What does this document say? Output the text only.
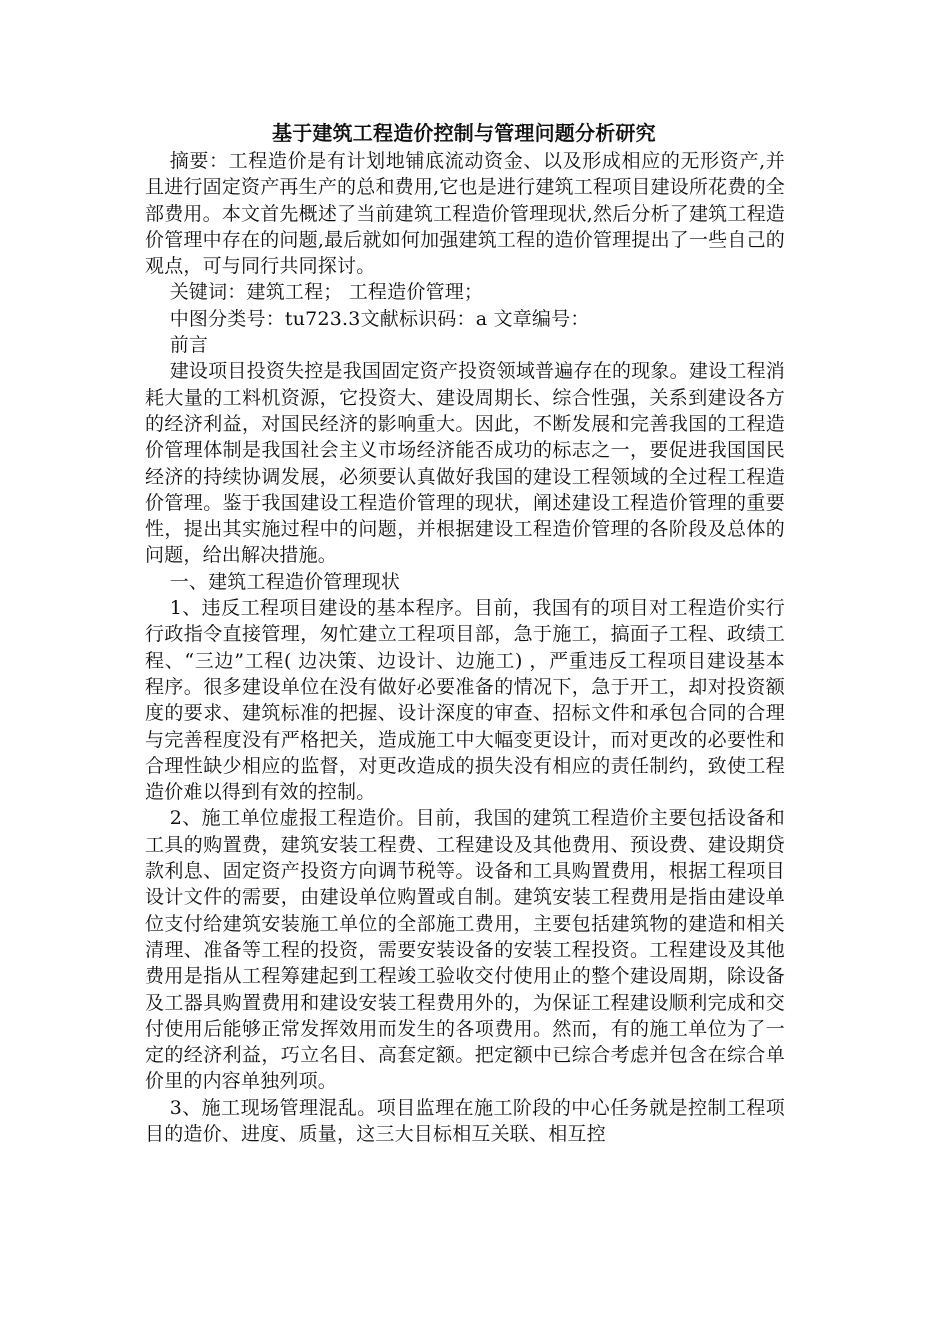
基于建筑工程造价控制与管理问题分析研究

摘要：工程造价是有计划地铺底流动资金、以及形成相应的无形资产,并且进行固定资产再生产的总和费用,它也是进行建筑工程项目建设所花费的全部费用。本文首先概述了当前建筑工程造价管理现状,然后分析了建筑工程造价管理中存在的问题,最后就如何加强建筑工程的造价管理提出了一些自己的观点，可与同行共同探讨。

关键词：建筑工程； 工程造价管理；

中图分类号：tu723.3文献标识码：a 文章编号：

前言

建设项目投资失控是我国固定资产投资领域普遍存在的现象。建设工程消耗大量的工料机资源，它投资大、建设周期长、综合性强，关系到建设各方的经济利益，对国民经济的影响重大。因此，不断发展和完善我国的工程造价管理体制是我国社会主义市场经济能否成功的标志之一，要促进我国国民经济的持续协调发展，必须要认真做好我国的建设工程领域的全过程工程造价管理。鉴于我国建设工程造价管理的现状，阐述建设工程造价管理的重要性，提出其实施过程中的问题，并根据建设工程造价管理的各阶段及总体的问题，给出解决措施。

一、建筑工程造价管理现状

1、违反工程项目建设的基本程序。目前，我国有的项目对工程造价实行行政指令直接管理，匆忙建立工程项目部，急于施工，搞面子工程、政绩工程、“三边”工程( 边决策、边设计、边施工) ，严重违反工程项目建设基本程序。很多建设单位在没有做好必要准备的情况下，急于开工，却对投资额度的要求、建筑标准的把握、设计深度的审查、招标文件和承包合同的合理与完善程度没有严格把关，造成施工中大幅变更设计，而对更改的必要性和合理性缺少相应的监督，对更改造成的损失没有相应的责任制约，致使工程造价难以得到有效的控制。

2、施工单位虚报工程造价。目前，我国的建筑工程造价主要包括设备和工具的购置费，建筑安装工程费、工程建设及其他费用、预设费、建设期贷款利息、固定资产投资方向调节税等。设备和工具购置费用，根据工程项目设计文件的需要，由建设单位购置或自制。建筑安装工程费用是指由建设单位支付给建筑安装施工单位的全部施工费用，主要包括建筑物的建造和相关清理、准备等工程的投资，需要安装设备的安装工程投资。工程建设及其他费用是指从工程筹建起到工程竣工验收交付使用止的整个建设周期，除设备及工器具购置费用和建设安装工程费用外的，为保证工程建设顺利完成和交付使用后能够正常发挥效用而发生的各项费用。然而，有的施工单位为了一定的经济利益，巧立名目、高套定额。把定额中已综合考虑并包含在综合单价里的内容单独列项。

3、施工现场管理混乱。项目监理在施工阶段的中心任务就是控制工程项目的造价、进度、质量，这三大目标相互关联、相互控
